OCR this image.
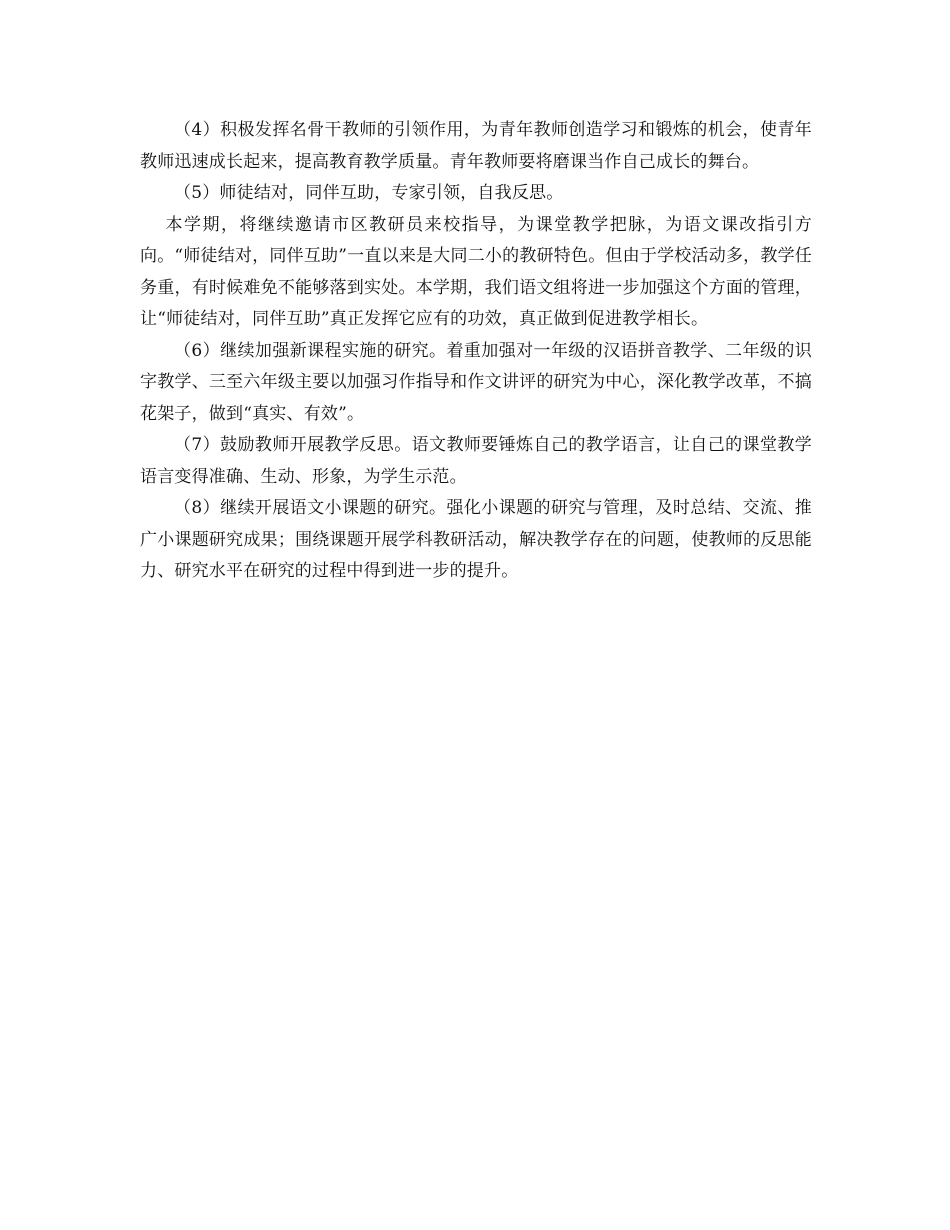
（4）积极发挥名骨干教师的引领作用，为青年教师创造学习和锻炼的机会，使青年教师迅速成长起来，提高教育教学质量。青年教师要将磨课当作自己成长的舞台。

（5）师徒结对，同伴互助，专家引领，自我反思。

本学期，将继续邀请市区教研员来校指导，为课堂教学把脉，为语文课改指引方向。“师徒结对，同伴互助”一直以来是大同二小的教研特色。但由于学校活动多，教学任务重，有时候难免不能够落到实处。本学期，我们语文组将进一步加强这个方面的管理，让“师徒结对，同伴互助”真正发挥它应有的功效，真正做到促进教学相长。

（6）继续加强新课程实施的研究。着重加强对一年级的汉语拼音教学、二年级的识字教学、三至六年级主要以加强习作指导和作文讲评的研究为中心，深化教学改革，不搞花架子，做到“真实、有效”。

（7）鼓励教师开展教学反思。语文教师要锤炼自己的教学语言，让自己的课堂教学语言变得准确、生动、形象，为学生示范。

（8）继续开展语文小课题的研究。强化小课题的研究与管理，及时总结、交流、推广小课题研究成果；围绕课题开展学科教研活动，解决教学存在的问题，使教师的反思能力、研究水平在研究的过程中得到进一步的提升。
